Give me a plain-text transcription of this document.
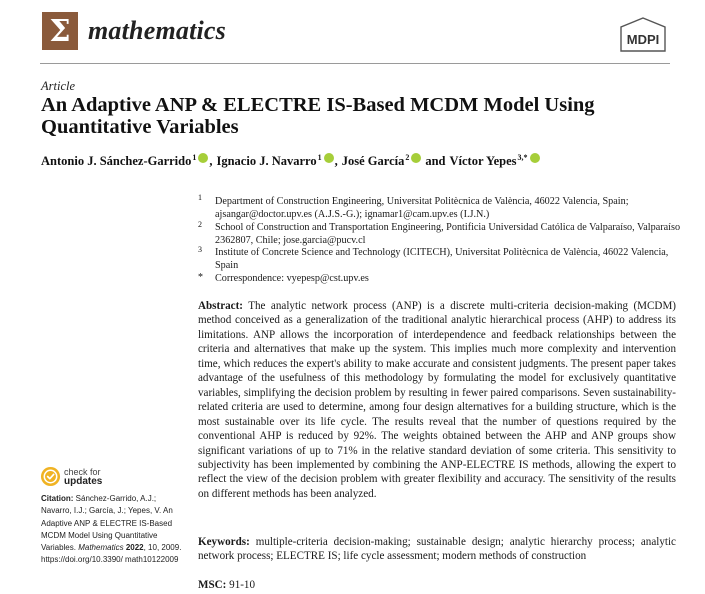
Σ mathematics	MDPI
Article
An Adaptive ANP & ELECTRE IS-Based MCDM Model Using Quantitative Variables
Antonio J. Sánchez-Garrido$^1$ , Ignacio J. Navarro$^1$ , José García$^2$ and Víctor Yepes$^{3,*}$
1 Department of Construction Engineering, Universitat Politècnica de València, 46022 Valencia, Spain; ajsangar@doctor.upv.es (A.J.S.-G.); ignamar1@cam.upv.es (I.J.N.)
2 School of Construction and Transportation Engineering, Pontificia Universidad Católica de Valparaíso, Valparaíso 2362807, Chile; jose.garcia@pucv.cl
3 Institute of Concrete Science and Technology (ICITECH), Universitat Politècnica de València, 46022 Valencia, Spain
* Correspondence: vyepesp@cst.upv.es
Abstract: The analytic network process (ANP) is a discrete multi-criteria decision-making (MCDM) method conceived as a generalization of the traditional analytic hierarchical process (AHP) to address its limitations. ANP allows the incorporation of interdependence and feedback relationships between the criteria and alternatives that make up the system. This implies much more complexity and intervention time, which reduces the expert's ability to make accurate and consistent judgments. The present paper takes advantage of the usefulness of this methodology by formulating the model for exclusively quantitative variables, simplifying the decision problem by resulting in fewer paired comparisons. Seven sustainability-related criteria are used to determine, among four design alternatives for a building structure, which is the most sustainable over its life cycle. The results reveal that the number of questions required by the conventional AHP is reduced by 92%. The weights obtained between the AHP and ANP groups show significant variations of up to 71% in the relative standard deviation of some criteria. This sensitivity to subjectivity has been implemented by combining the ANP-ELECTRE IS methods, allowing the expert to reflect the view of the decision problem with greater flexibility and accuracy. The sensitivity of the results on different methods has been analyzed.
Keywords: multiple-criteria decision-making; sustainable design; analytic hierarchy process; analytic network process; ELECTRE IS; life cycle assessment; modern methods of construction
MSC: 91-10
check for
updates
Citation: Sánchez-Garrido, A.J.; Navarro, I.J.; García, J.; Yepes, V. An Adaptive ANP & ELECTRE IS-Based MCDM Model Using Quantitative Variables. Mathematics 2022, 10, 2009. https://doi.org/10.3390/ math10122009
